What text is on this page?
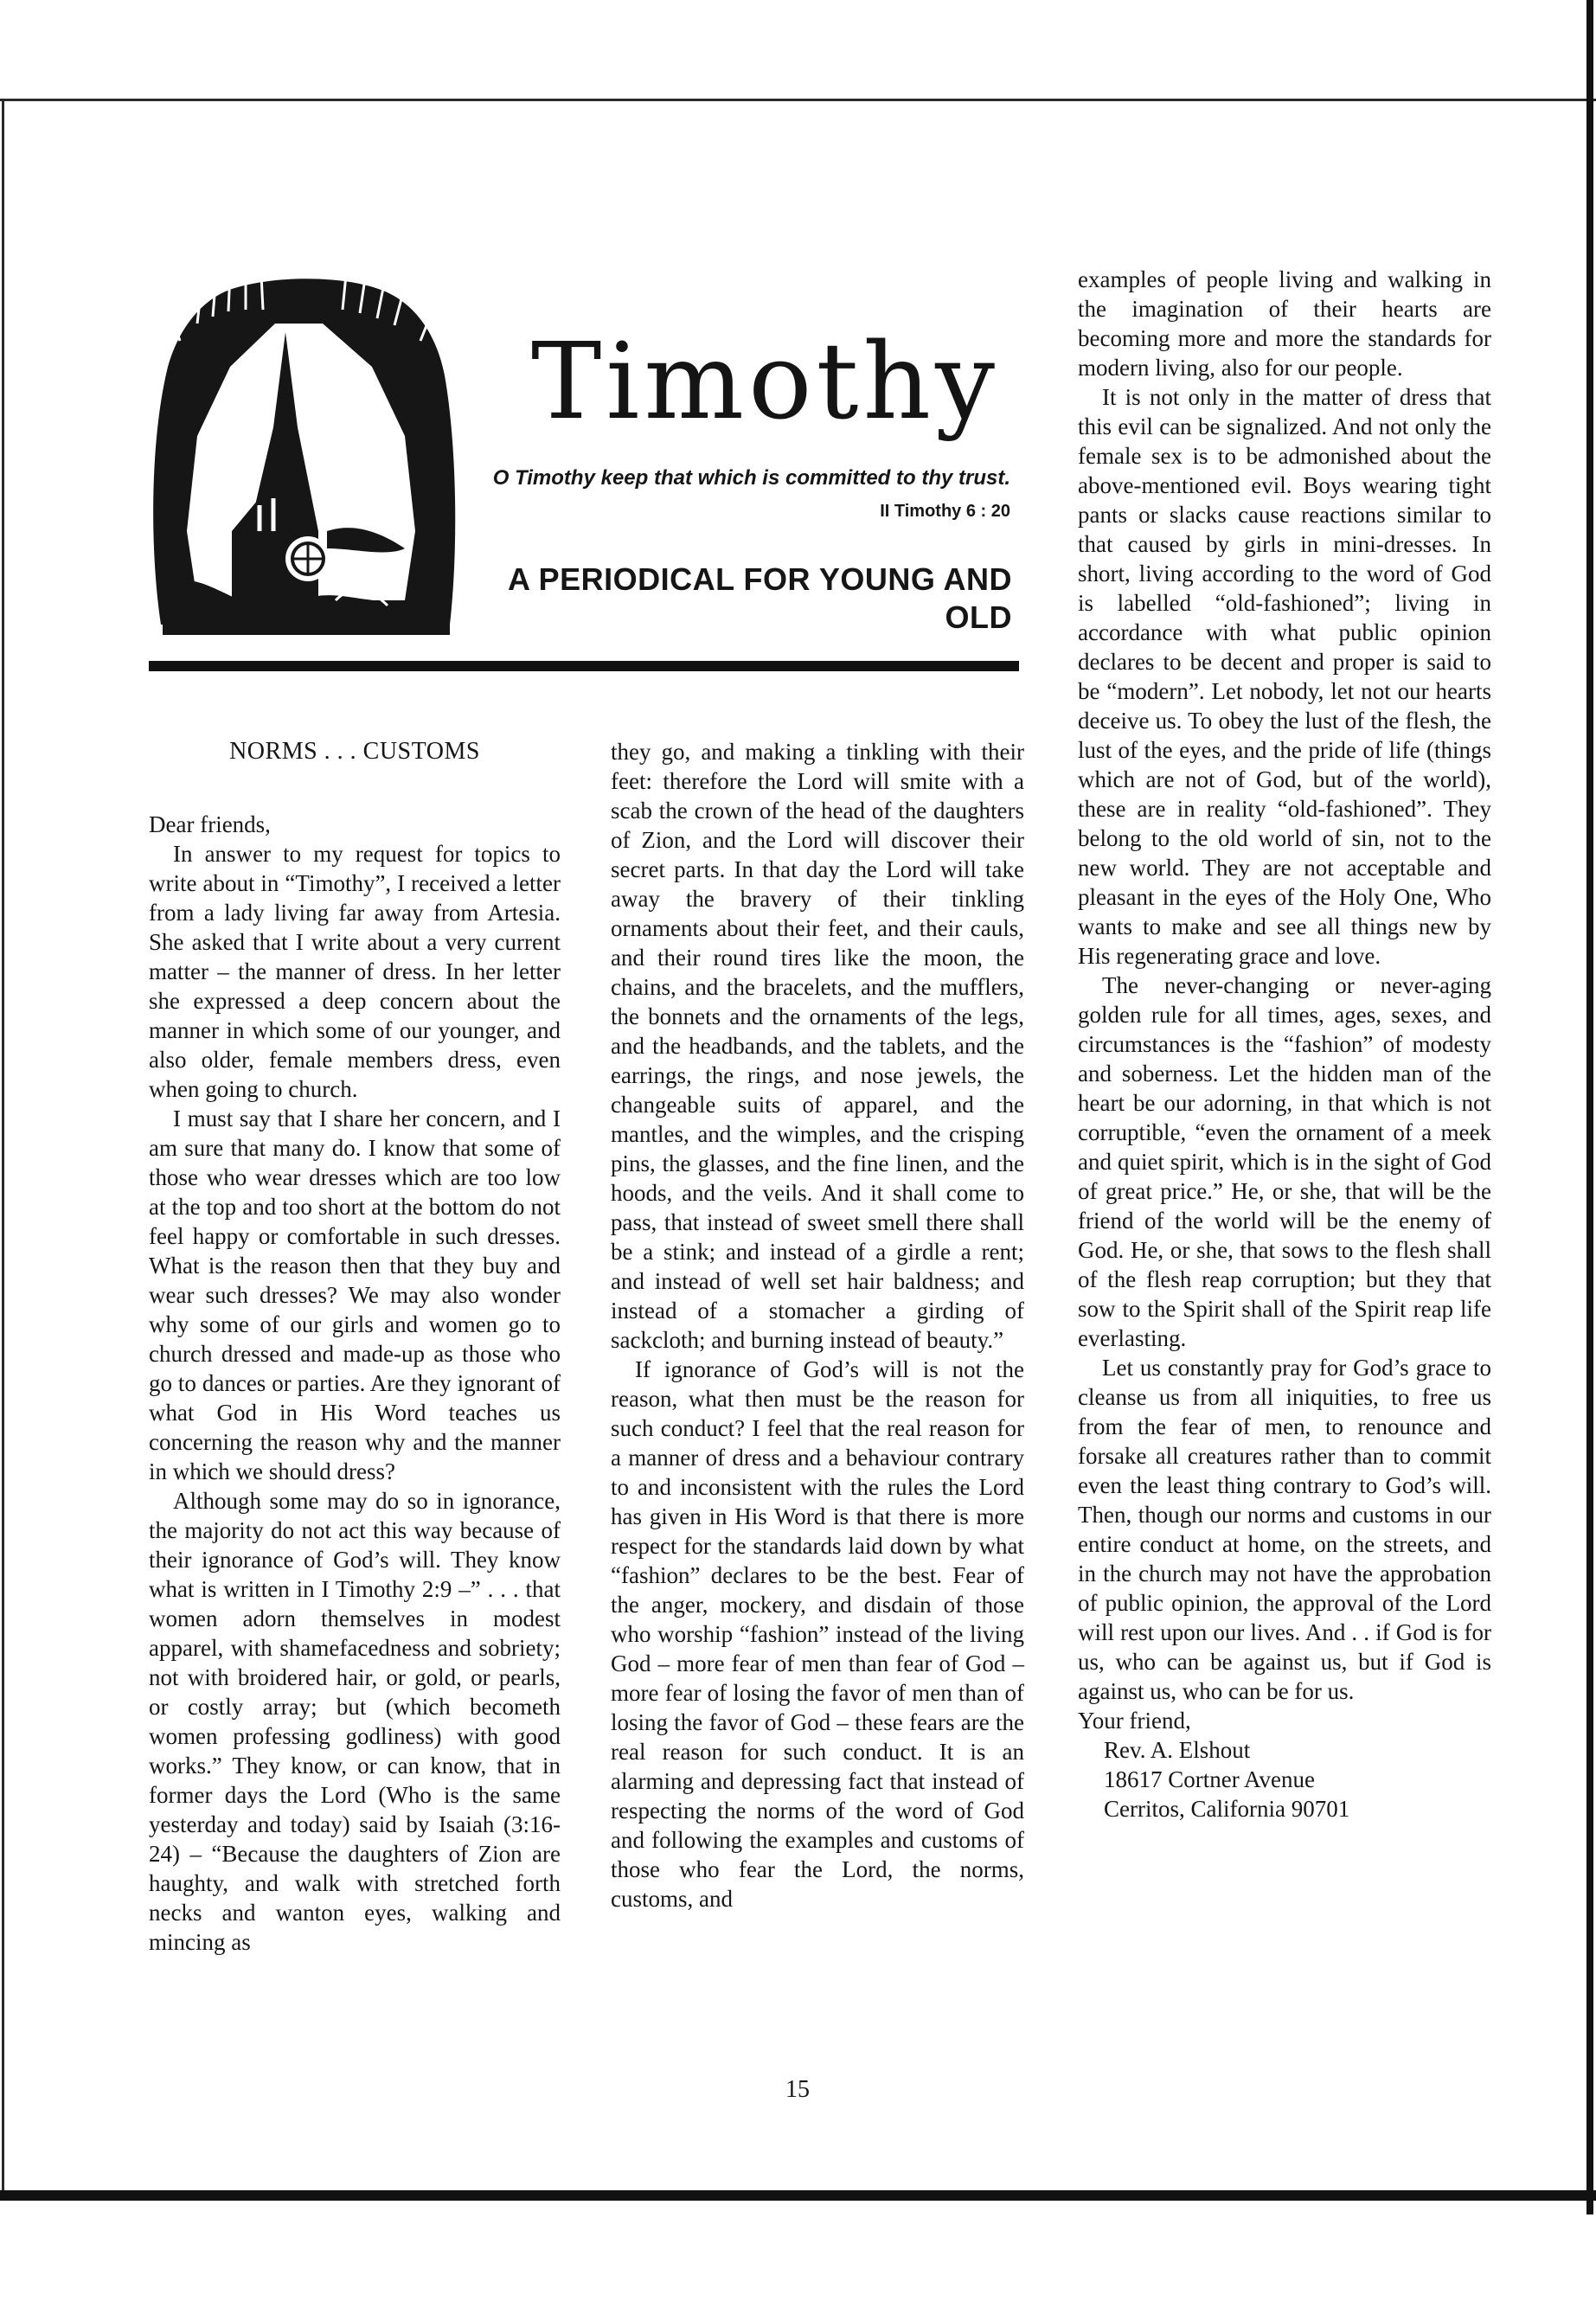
Timothy
O Timothy keep that which is committed to thy trust.
II Timothy 6 : 20
A PERIODICAL FOR YOUNG AND OLD

NORMS . . . CUSTOMS

Dear friends,

In answer to my request for topics to write about in “Timothy”, I received a letter from a lady living far away from Artesia. She asked that I write about a very current matter – the manner of dress. In her letter she expressed a deep concern about the manner in which some of our younger, and also older, female members dress, even when going to church.

I must say that I share her concern, and I am sure that many do. I know that some of those who wear dresses which are too low at the top and too short at the bottom do not feel happy or comfortable in such dresses. What is the reason then that they buy and wear such dresses? We may also wonder why some of our girls and women go to church dressed and made-up as those who go to dances or parties. Are they ignorant of what God in His Word teaches us concerning the reason why and the manner in which we should dress?

Although some may do so in ignorance, the majority do not act this way because of their ignorance of God’s will. They know what is written in I Timothy 2:9 –” . . . that women adorn themselves in modest apparel, with shamefacedness and sobriety; not with broidered hair, or gold, or pearls, or costly array; but (which becometh women professing godliness) with good works.” They know, or can know, that in former days the Lord (Who is the same yesterday and today) said by Isaiah (3:16-24) – “Because the daughters of Zion are haughty, and walk with stretched forth necks and wanton eyes, walking and mincing as

they go, and making a tinkling with their feet: therefore the Lord will smite with a scab the crown of the head of the daughters of Zion, and the Lord will discover their secret parts. In that day the Lord will take away the bravery of their tinkling ornaments about their feet, and their cauls, and their round tires like the moon, the chains, and the bracelets, and the mufflers, the bonnets and the ornaments of the legs, and the headbands, and the tablets, and the earrings, the rings, and nose jewels, the changeable suits of apparel, and the mantles, and the wimples, and the crisping pins, the glasses, and the fine linen, and the hoods, and the veils. And it shall come to pass, that instead of sweet smell there shall be a stink; and instead of a girdle a rent; and instead of well set hair baldness; and instead of a stomacher a girding of sackcloth; and burning instead of beauty.”

If ignorance of God’s will is not the reason, what then must be the reason for such conduct? I feel that the real reason for a manner of dress and a behaviour contrary to and inconsistent with the rules the Lord has given in His Word is that there is more respect for the standards laid down by what “fashion” declares to be the best. Fear of the anger, mockery, and disdain of those who worship “fashion” instead of the living God – more fear of men than fear of God – more fear of losing the favor of men than of losing the favor of God – these fears are the real reason for such conduct. It is an alarming and depressing fact that instead of respecting the norms of the word of God and following the examples and customs of those who fear the Lord, the norms, customs, and

examples of people living and walking in the imagination of their hearts are becoming more and more the standards for modern living, also for our people.

It is not only in the matter of dress that this evil can be signalized. And not only the female sex is to be admonished about the above-mentioned evil. Boys wearing tight pants or slacks cause reactions similar to that caused by girls in mini-dresses. In short, living according to the word of God is labelled “old-fashioned”; living in accordance with what public opinion declares to be decent and proper is said to be “modern”. Let nobody, let not our hearts deceive us. To obey the lust of the flesh, the lust of the eyes, and the pride of life (things which are not of God, but of the world), these are in reality “old-fashioned”. They belong to the old world of sin, not to the new world. They are not acceptable and pleasant in the eyes of the Holy One, Who wants to make and see all things new by His regenerating grace and love.

The never-changing or never-aging golden rule for all times, ages, sexes, and circumstances is the “fashion” of modesty and soberness. Let the hidden man of the heart be our adorning, in that which is not corruptible, “even the ornament of a meek and quiet spirit, which is in the sight of God of great price.” He, or she, that will be the friend of the world will be the enemy of God. He, or she, that sows to the flesh shall of the flesh reap corruption; but they that sow to the Spirit shall of the Spirit reap life everlasting.

Let us constantly pray for God’s grace to cleanse us from all iniquities, to free us from the fear of men, to renounce and forsake all creatures rather than to commit even the least thing contrary to God’s will. Then, though our norms and customs in our entire conduct at home, on the streets, and in the church may not have the approbation of public opinion, the approval of the Lord will rest upon our lives. And . . if God is for us, who can be against us, but if God is against us, who can be for us.

Your friend,

Rev. A. Elshout

18617 Cortner Avenue

Cerritos, California 90701

15
